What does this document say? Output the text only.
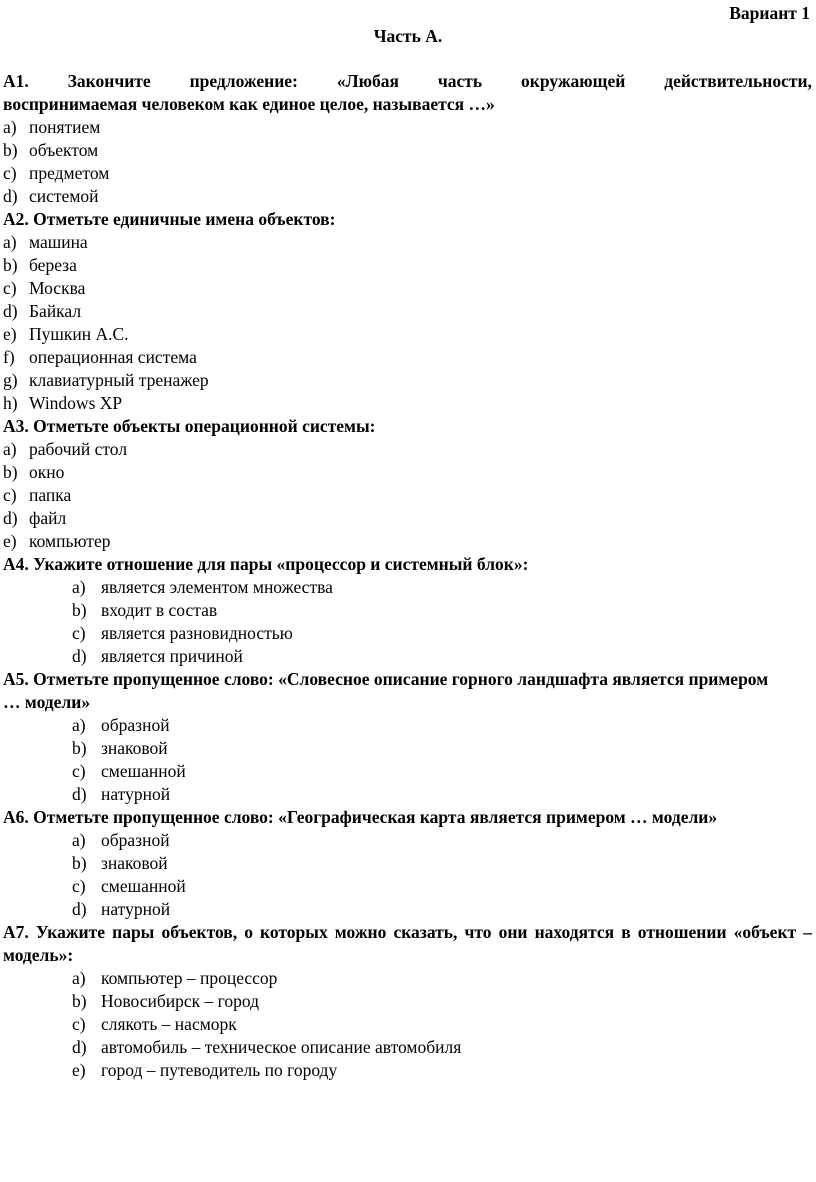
Вариант 1
Часть А.
А1. Закончите предложение: «Любая часть окружающей действительности,
воспринимаемая человеком как единое целое, называется …»
a) понятием
b) объектом
c) предметом
d) системой

А2. Отметьте единичные имена объектов:

a) машина
b) береза
c) Москва
d) Байкал
e) Пушкин А.С.
f) операционная система
g) клавиатурный тренажер
h) Windows XP

А3. Отметьте объекты операционной системы:

a) рабочий стол
b) окно
c) папка
d) файл
e) компьютер

А4. Укажите отношение для пары «процессор и системный блок»:

a) является элементом множества
b) входит в состав
c) является разновидностью
d) является причиной

А5. Отметьте пропущенное слово: «Словесное описание горного ландшафта является примером … модели»

a) образной
b) знаковой
c) смешанной
d) натурной

А6. Отметьте пропущенное слово: «Географическая карта является примером … модели»

a) образной
b) знаковой
c) смешанной
d) натурной

А7. Укажите пары объектов, о которых можно сказать, что они находятся в отношении «объект – модель»:

a) компьютер – процессор
b) Новосибирск – город
c) слякоть – насморк
d) автомобиль – техническое описание автомобиля
e) город – путеводитель по городу
